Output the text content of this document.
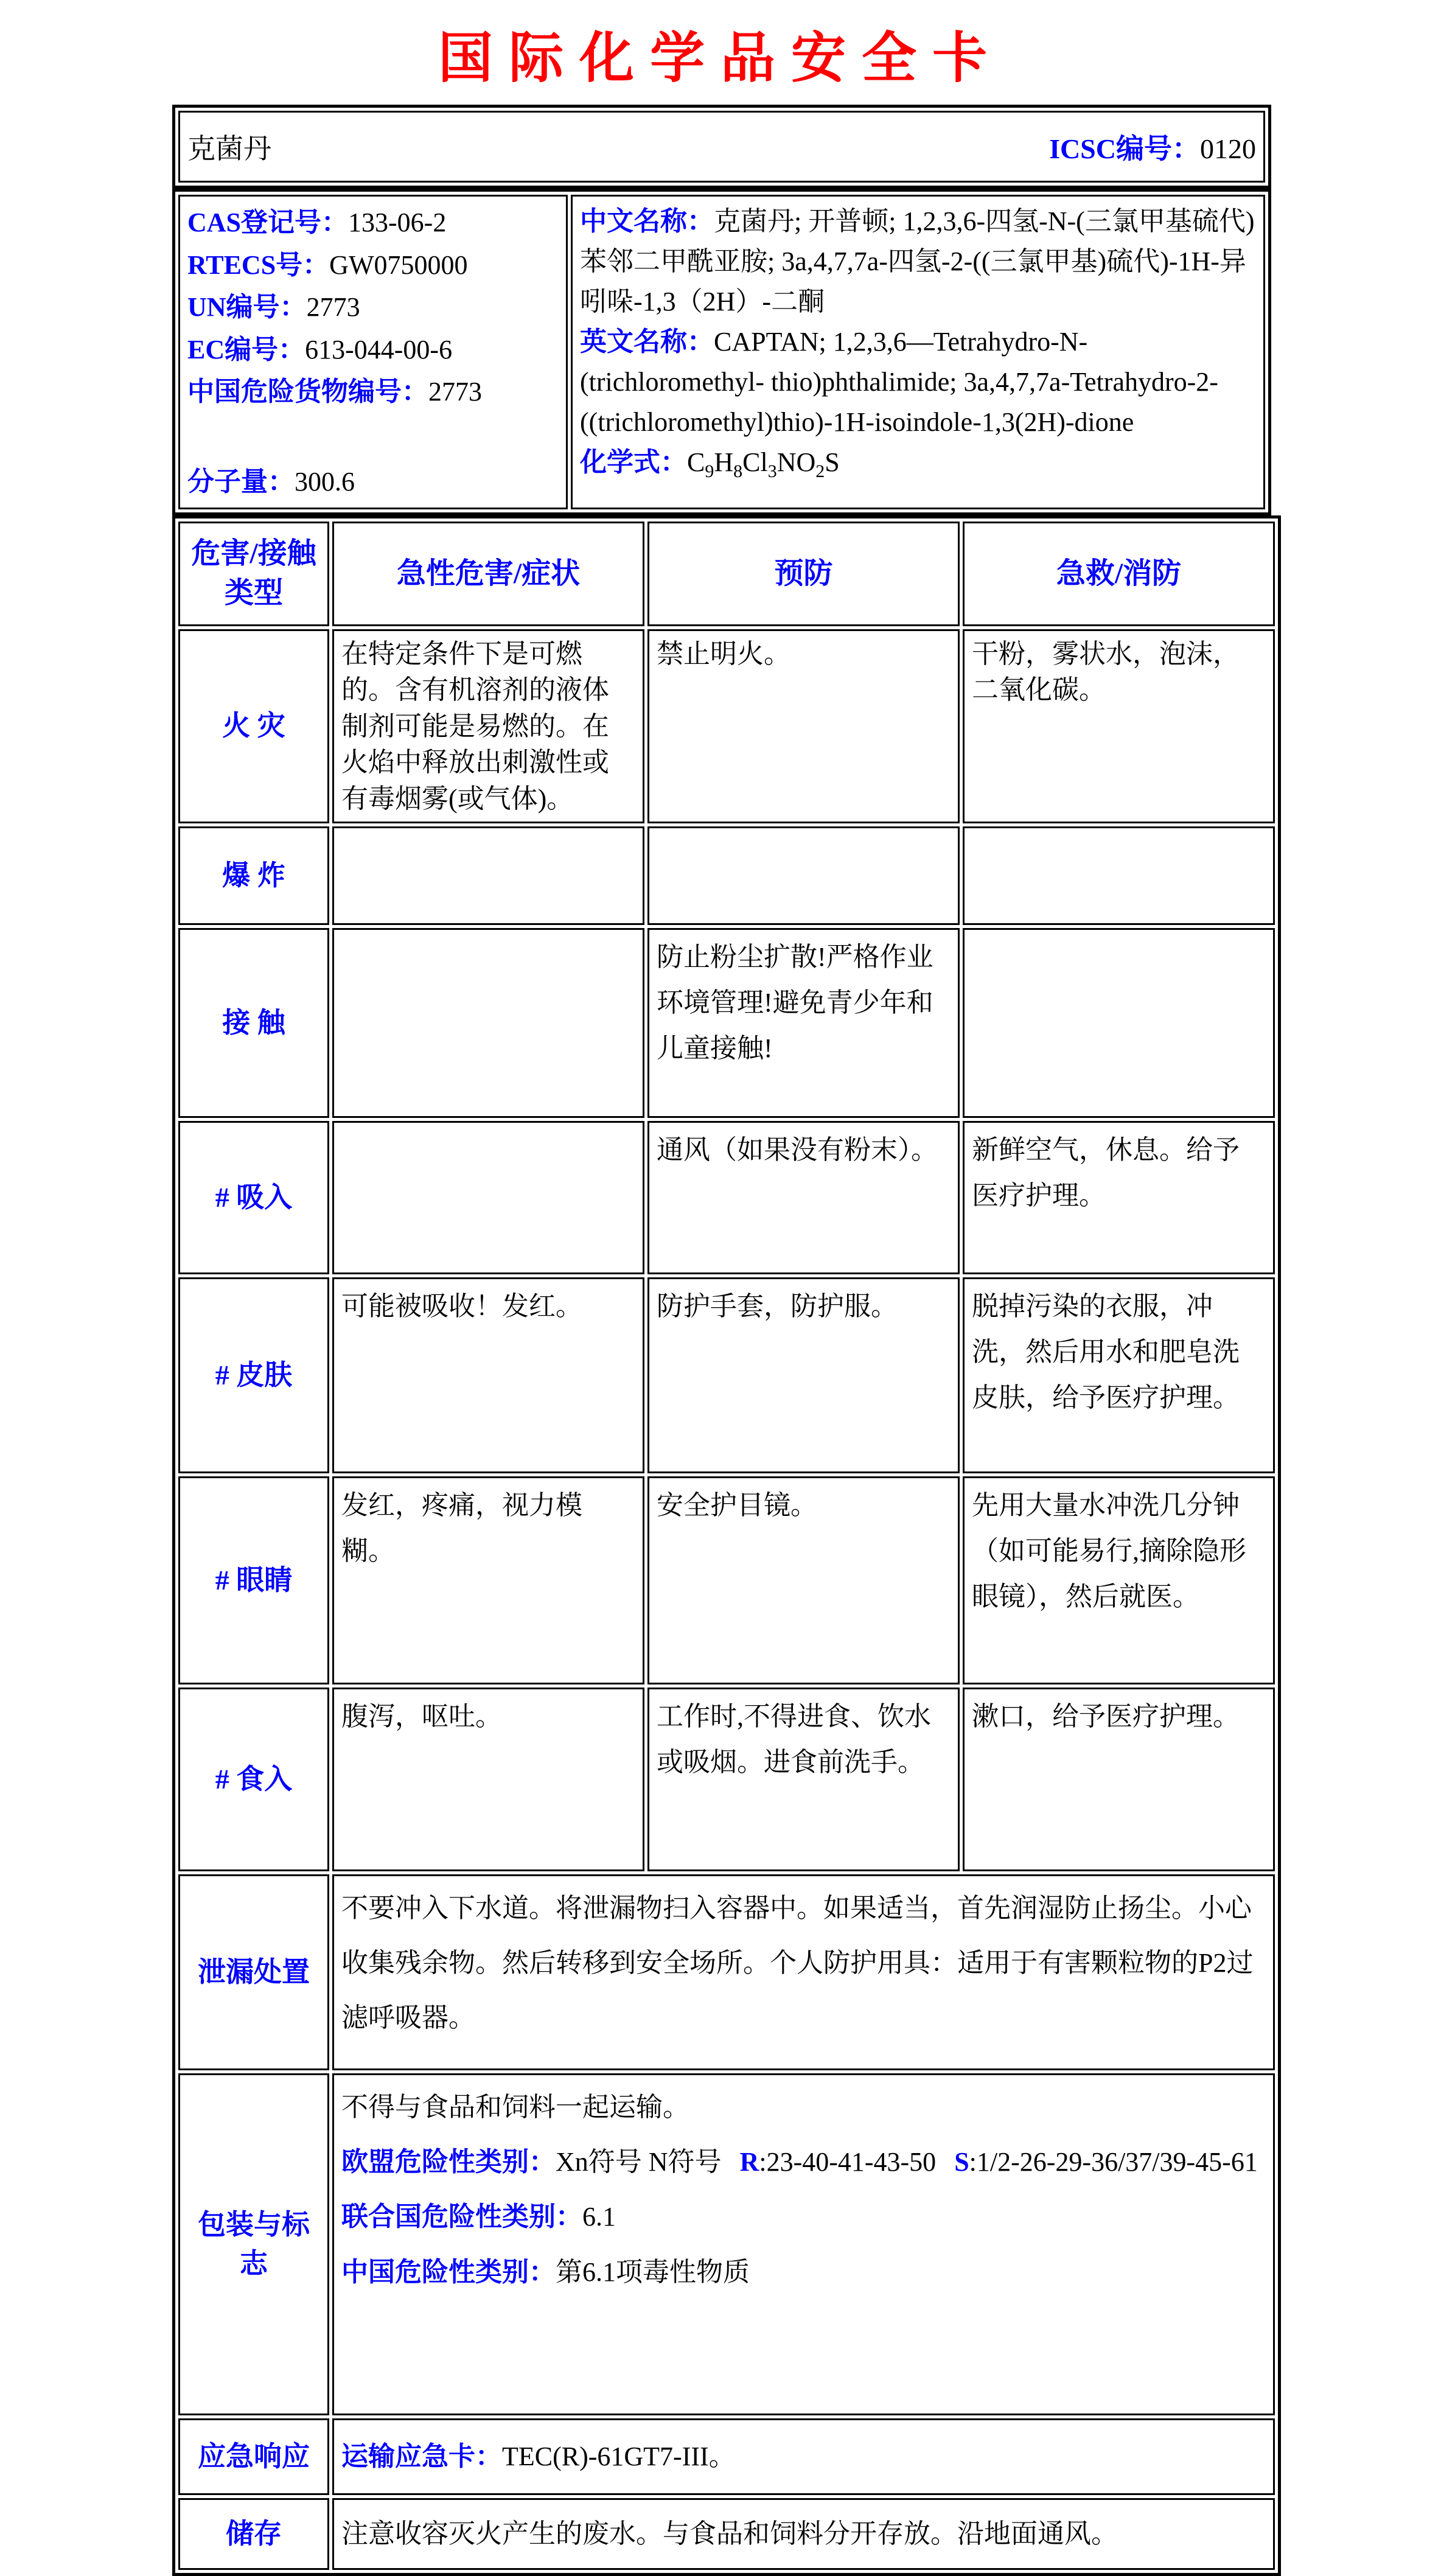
国际化学品安全卡
克菌丹	ICSC编号：0120
CAS登记号：133-06-2
RTECS号：GW0750000
UN编号：2773
EC编号：613-044-00-6
中国危险货物编号：2773
分子量：300.6

中文名称：克菌丹; 开普顿; 1,2,3,6-四氢-N-(三氯甲基硫代)苯邻二甲酰亚胺; 3a,4,7,7a-四氢-2-((三氯甲基)硫代)-1H-异吲哚-1,3（2H）-二酮

英文名称：CAPTAN; 1,2,3,6—Tetrahydro-N-(trichloromethyl- thio)phthalimide; 3a,4,7,7a-Tetrahydro-2-((trichloromethyl)thio)-1H-isoindole-1,3(2H)-dione

化学式：$C_9H_8Cl_3NO_2S$

危害/接触类型	急性危害/症状	预防	急救/消防
火 灾	在特定条件下是可燃的。含有机溶剂的液体制剂可能是易燃的。在火焰中释放出刺激性或有毒烟雾(或气体)。	禁止明火。	干粉，雾状水，泡沫，二氧化碳。
爆 炸			
接 触		防止粉尘扩散!严格作业环境管理!避免青少年和儿童接触!	
# 吸入		通风（如果没有粉末）。	新鲜空气，休息。给予医疗护理。
# 皮肤	可能被吸收！发红。	防护手套，防护服。	脱掉污染的衣服，冲洗，然后用水和肥皂洗皮肤，给予医疗护理。
# 眼睛	发红，疼痛，视力模糊。	安全护目镜。	先用大量水冲洗几分钟（如可能易行,摘除隐形眼镜），然后就医。
# 食入	腹泻，呕吐。	工作时,不得进食、饮水或吸烟。进食前洗手。	漱口，给予医疗护理。
泄漏处置	不要冲入下水道。将泄漏物扫入容器中。如果适当，首先润湿防止扬尘。小心收集残余物。然后转移到安全场所。个人防护用具：适用于有害颗粒物的P2过滤呼吸器。		
包装与标志	不得与食品和饲料一起运输。

欧盟危险性类别：Xn符号 N符号 R:23-40-41-43-50 S:1/2-26-29-36/37/39-45-61

联合国危险性类别：6.1

中国危险性类别：第6.1项毒性物质		

应急响应	运输应急卡：TEC(R)-61GT7-III。		
储存	注意收容灭火产生的废水。与食品和饲料分开存放。沿地面通风。		
